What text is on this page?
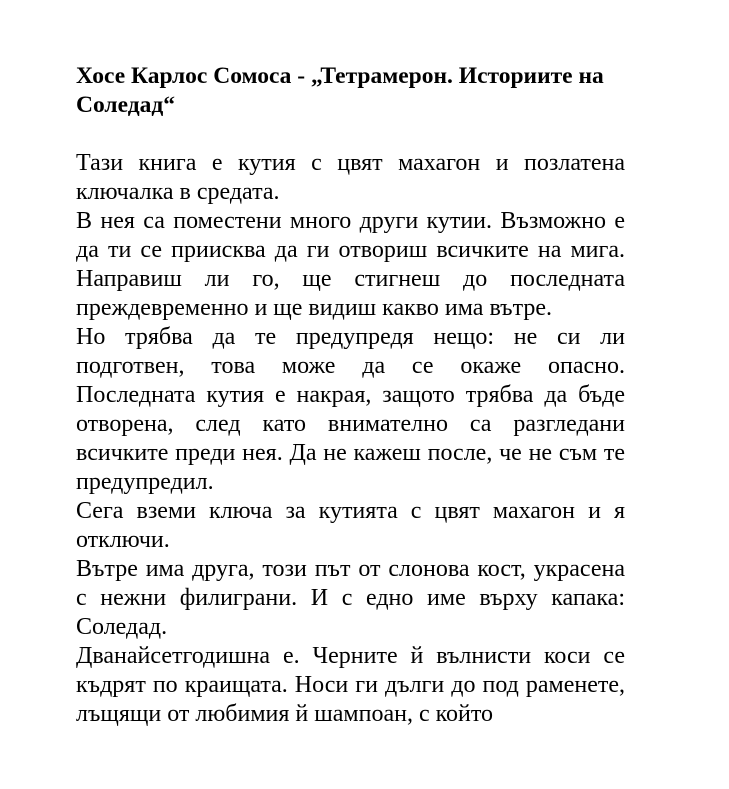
Хосе Карлос Сомоса - „Тетрамерон. Историите на Соледад“

Тази книга е кутия с цвят махагон и позлатена ключалка в средата.

В нея са поместени много други кутии. Възможно е да ти се приисква да ги отвориш всичките на мига. Направиш ли го, ще стигнеш до последната преждевременно и ще видиш какво има вътре.

Но трябва да те предупредя нещо: не си ли подготвен, това може да се окаже опасно. Последната кутия е накрая, защото трябва да бъде отворена, след като внимателно са разгледани всичките преди нея. Да не кажеш после, че не съм те предупредил.

Сега вземи ключа за кутията с цвят махагон и я отключи.

Вътре има друга, този път от слонова кост, украсена с нежни филиграни. И с едно име върху капака: Соледад.

Дванайсетгодишна е. Черните й вълнисти коси се къдрят по краищата. Носи ги дълги до под раменете, лъщящи от любимия й шампоан, с който
